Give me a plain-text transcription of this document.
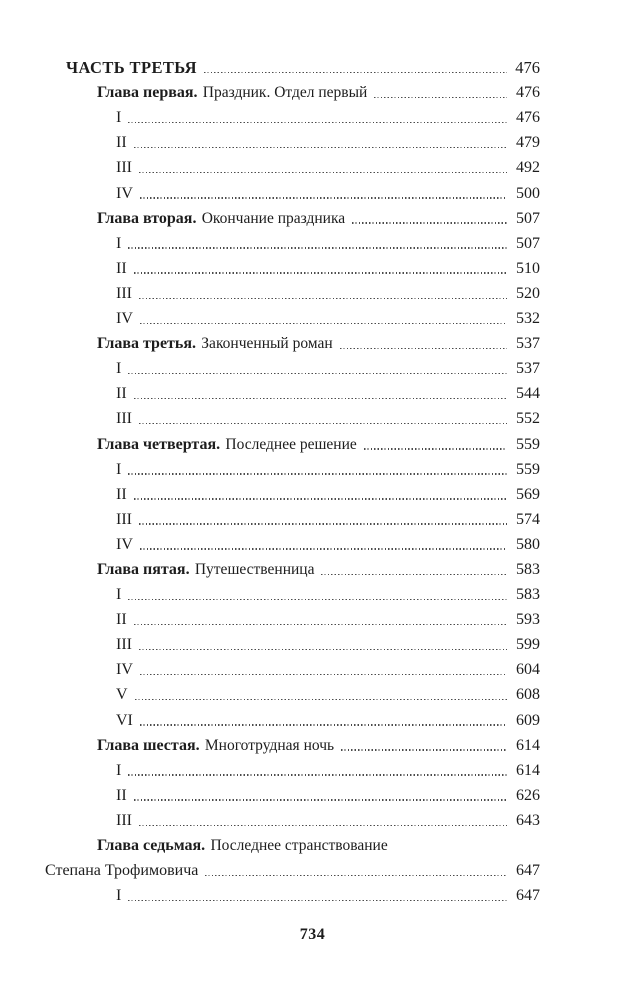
ЧАСТЬ ТРЕТЬЯ	476
Глава первая. Праздник. Отдел первый	476
I	476
II	479
III	492
IV	500
Глава вторая. Окончание праздника	507
I	507
II	510
III	520
IV	532
Глава третья. Законченный роман	537
I	537
II	544
III	552
Глава четвертая. Последнее решение	559
I	559
II	569
III	574
IV	580
Глава пятая. Путешественница	583
I	583
II	593
III	599
IV	604
V	608
VI	609
Глава шестая. Многотрудная ночь	614
I	614
II	626
III	643
Глава седьмая. Последнее странствование
Степана Трофимовича	647
I	647
734
